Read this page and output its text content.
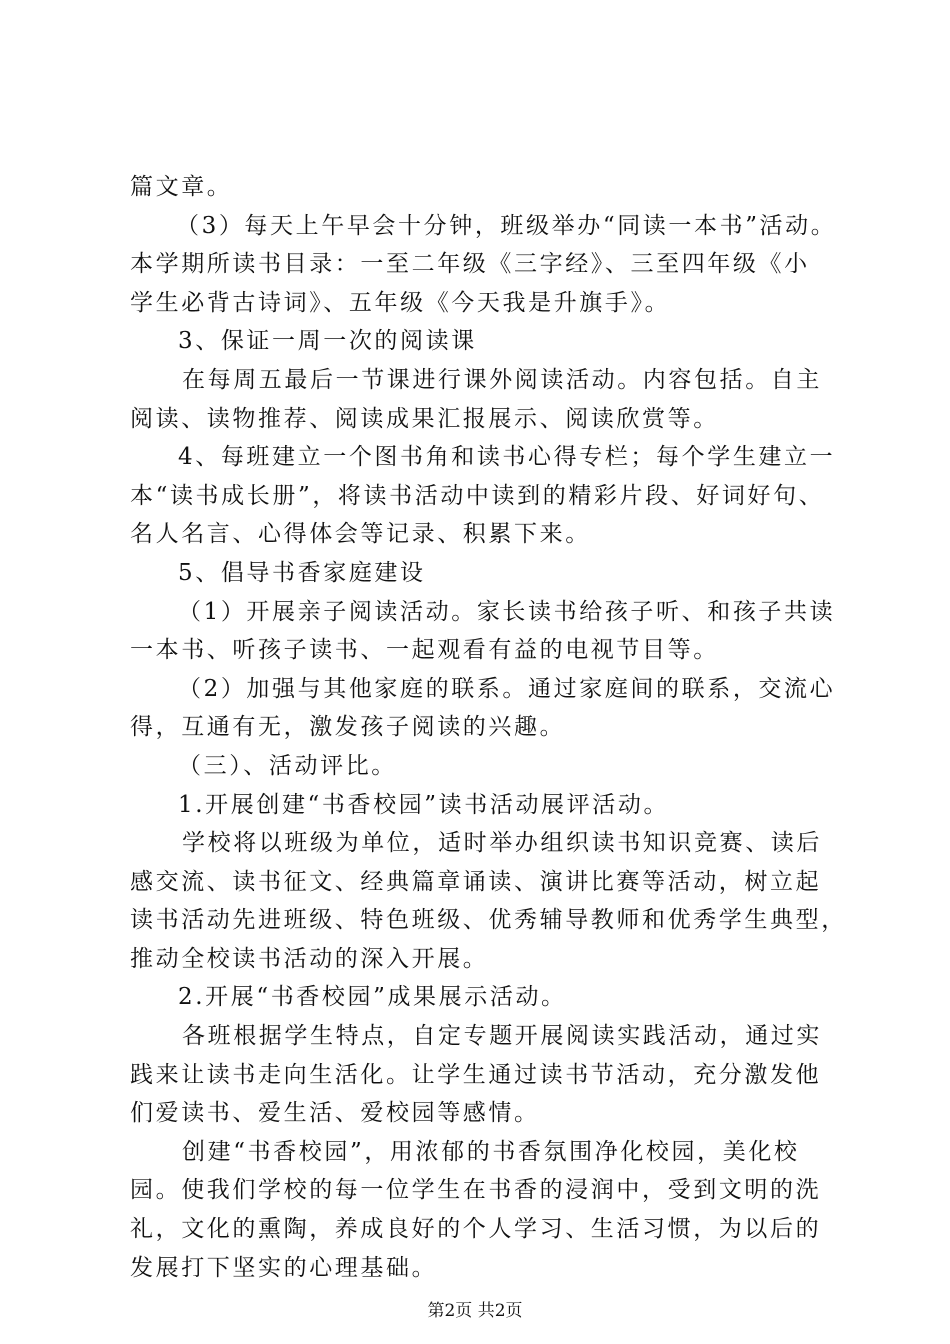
篇文章。
（3）每天上午早会十分钟，班级举办“同读一本书”活动。
本学期所读书目录：一至二年级《三字经》、三至四年级《小
学生必背古诗词》、五年级《今天我是升旗手》。
3、保证一周一次的阅读课
在每周五最后一节课进行课外阅读活动。内容包括。自主
阅读、读物推荐、阅读成果汇报展示、阅读欣赏等。
4、每班建立一个图书角和读书心得专栏；每个学生建立一
本“读书成长册”，将读书活动中读到的精彩片段、好词好句、
名人名言、心得体会等记录、积累下来。
5、倡导书香家庭建设
（1）开展亲子阅读活动。家长读书给孩子听、和孩子共读
一本书、听孩子读书、一起观看有益的电视节目等。
（2）加强与其他家庭的联系。通过家庭间的联系，交流心
得，互通有无，激发孩子阅读的兴趣。
（三）、活动评比。
1.开展创建“书香校园”读书活动展评活动。
学校将以班级为单位，适时举办组织读书知识竞赛、读后
感交流、读书征文、经典篇章诵读、演讲比赛等活动，树立起
读书活动先进班级、特色班级、优秀辅导教师和优秀学生典型，
推动全校读书活动的深入开展。
2.开展“书香校园”成果展示活动。
各班根据学生特点，自定专题开展阅读实践活动，通过实
践来让读书走向生活化。让学生通过读书节活动，充分激发他
们爱读书、爱生活、爱校园等感情。
创建“书香校园”，用浓郁的书香氛围净化校园，美化校
园。使我们学校的每一位学生在书香的浸润中，受到文明的洗
礼，文化的熏陶，养成良好的个人学习、生活习惯，为以后的
发展打下坚实的心理基础。
第2页 共2页
